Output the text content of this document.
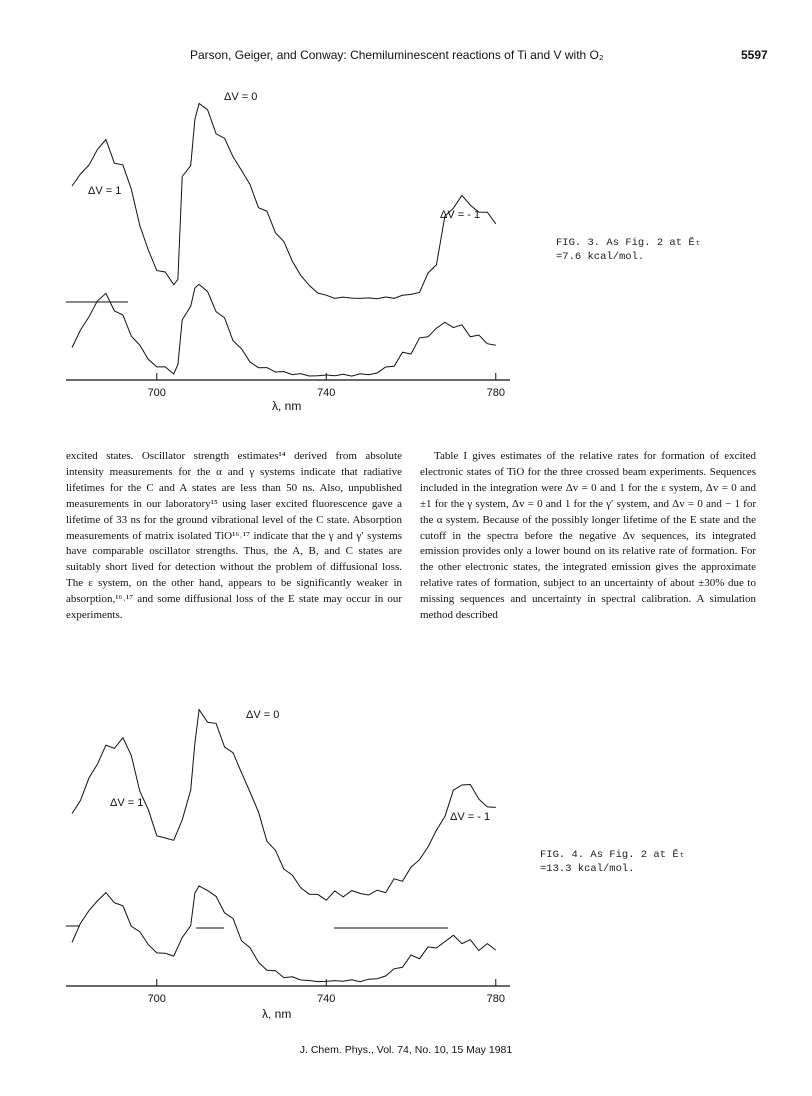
Parson, Geiger, and Conway: Chemiluminescent reactions of Ti and V with O₂	5597
ΔV = 0
ΔV = 1
ΔV = - 1
700	740	780
λ, nm
FIG. 3. As Fig. 2 at Ēₜ =7.6 kcal/mol.

excited states. Oscillator strength estimates¹⁴ derived from absolute intensity measurements for the α and γ systems indicate that radiative lifetimes for the C and A states are less than 50 ns. Also, unpublished measurements in our laboratory¹⁵ using laser excited fluorescence gave a lifetime of 33 ns for the ground vibrational level of the C state. Absorption measurements of matrix isolated TiO¹⁶˒¹⁷ indicate that the γ and γ′ systems have comparable oscillator strengths. Thus, the A, B, and C states are suitably short lived for detection without the problem of diffusional loss. The ε system, on the other hand, appears to be significantly weaker in absorption,¹⁶˒¹⁷ and some diffusional loss of the E state may occur in our experiments.

Table I gives estimates of the relative rates for formation of excited electronic states of TiO for the three crossed beam experiments. Sequences included in the integration were Δv = 0 and 1 for the ε system, Δv = 0 and ±1 for the γ system, Δv = 0 and 1 for the γ′ system, and Δv = 0 and − 1 for the α system. Because of the possibly longer lifetime of the E state and the cutoff in the spectra before the negative Δv sequences, its integrated emission provides only a lower bound on its relative rate of formation. For the other electronic states, the integrated emission gives the approximate relative rates of formation, subject to an uncertainty of about ±30% due to missing sequences and uncertainty in spectral calibration. A simulation method described

ΔV = 0
ΔV = 1
ΔV = - 1
700	740	780
λ, nm
FIG. 4. As Fig. 2 at Ēₜ =13.3 kcal/mol.
J. Chem. Phys., Vol. 74, No. 10, 15 May 1981
